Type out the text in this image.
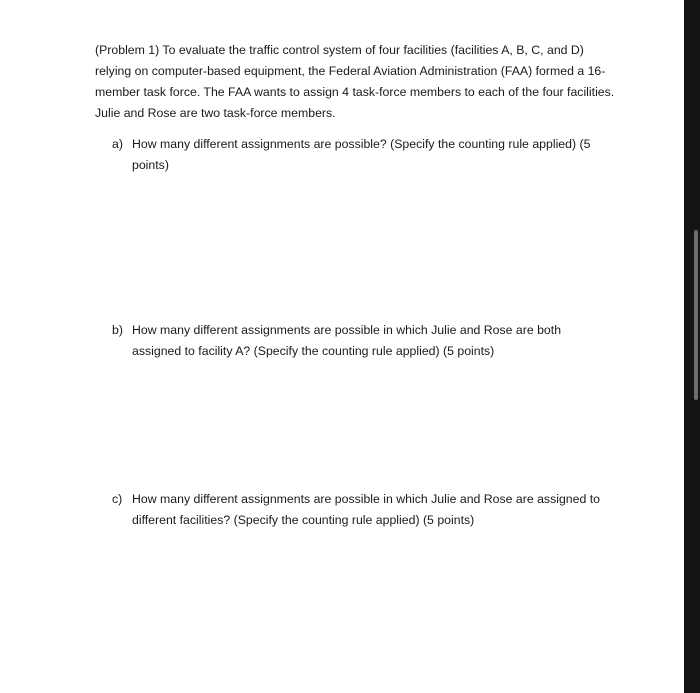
(Problem 1) To evaluate the traffic control system of four facilities (facilities A, B, C, and D) relying on computer-based equipment, the Federal Aviation Administration (FAA) formed a 16-member task force. The FAA wants to assign 4 task-force members to each of the four facilities. Julie and Rose are two task-force members.

a) How many different assignments are possible? (Specify the counting rule applied) (5 points)
b) How many different assignments are possible in which Julie and Rose are both assigned to facility A? (Specify the counting rule applied) (5 points)
c) How many different assignments are possible in which Julie and Rose are assigned to different facilities? (Specify the counting rule applied) (5 points)
